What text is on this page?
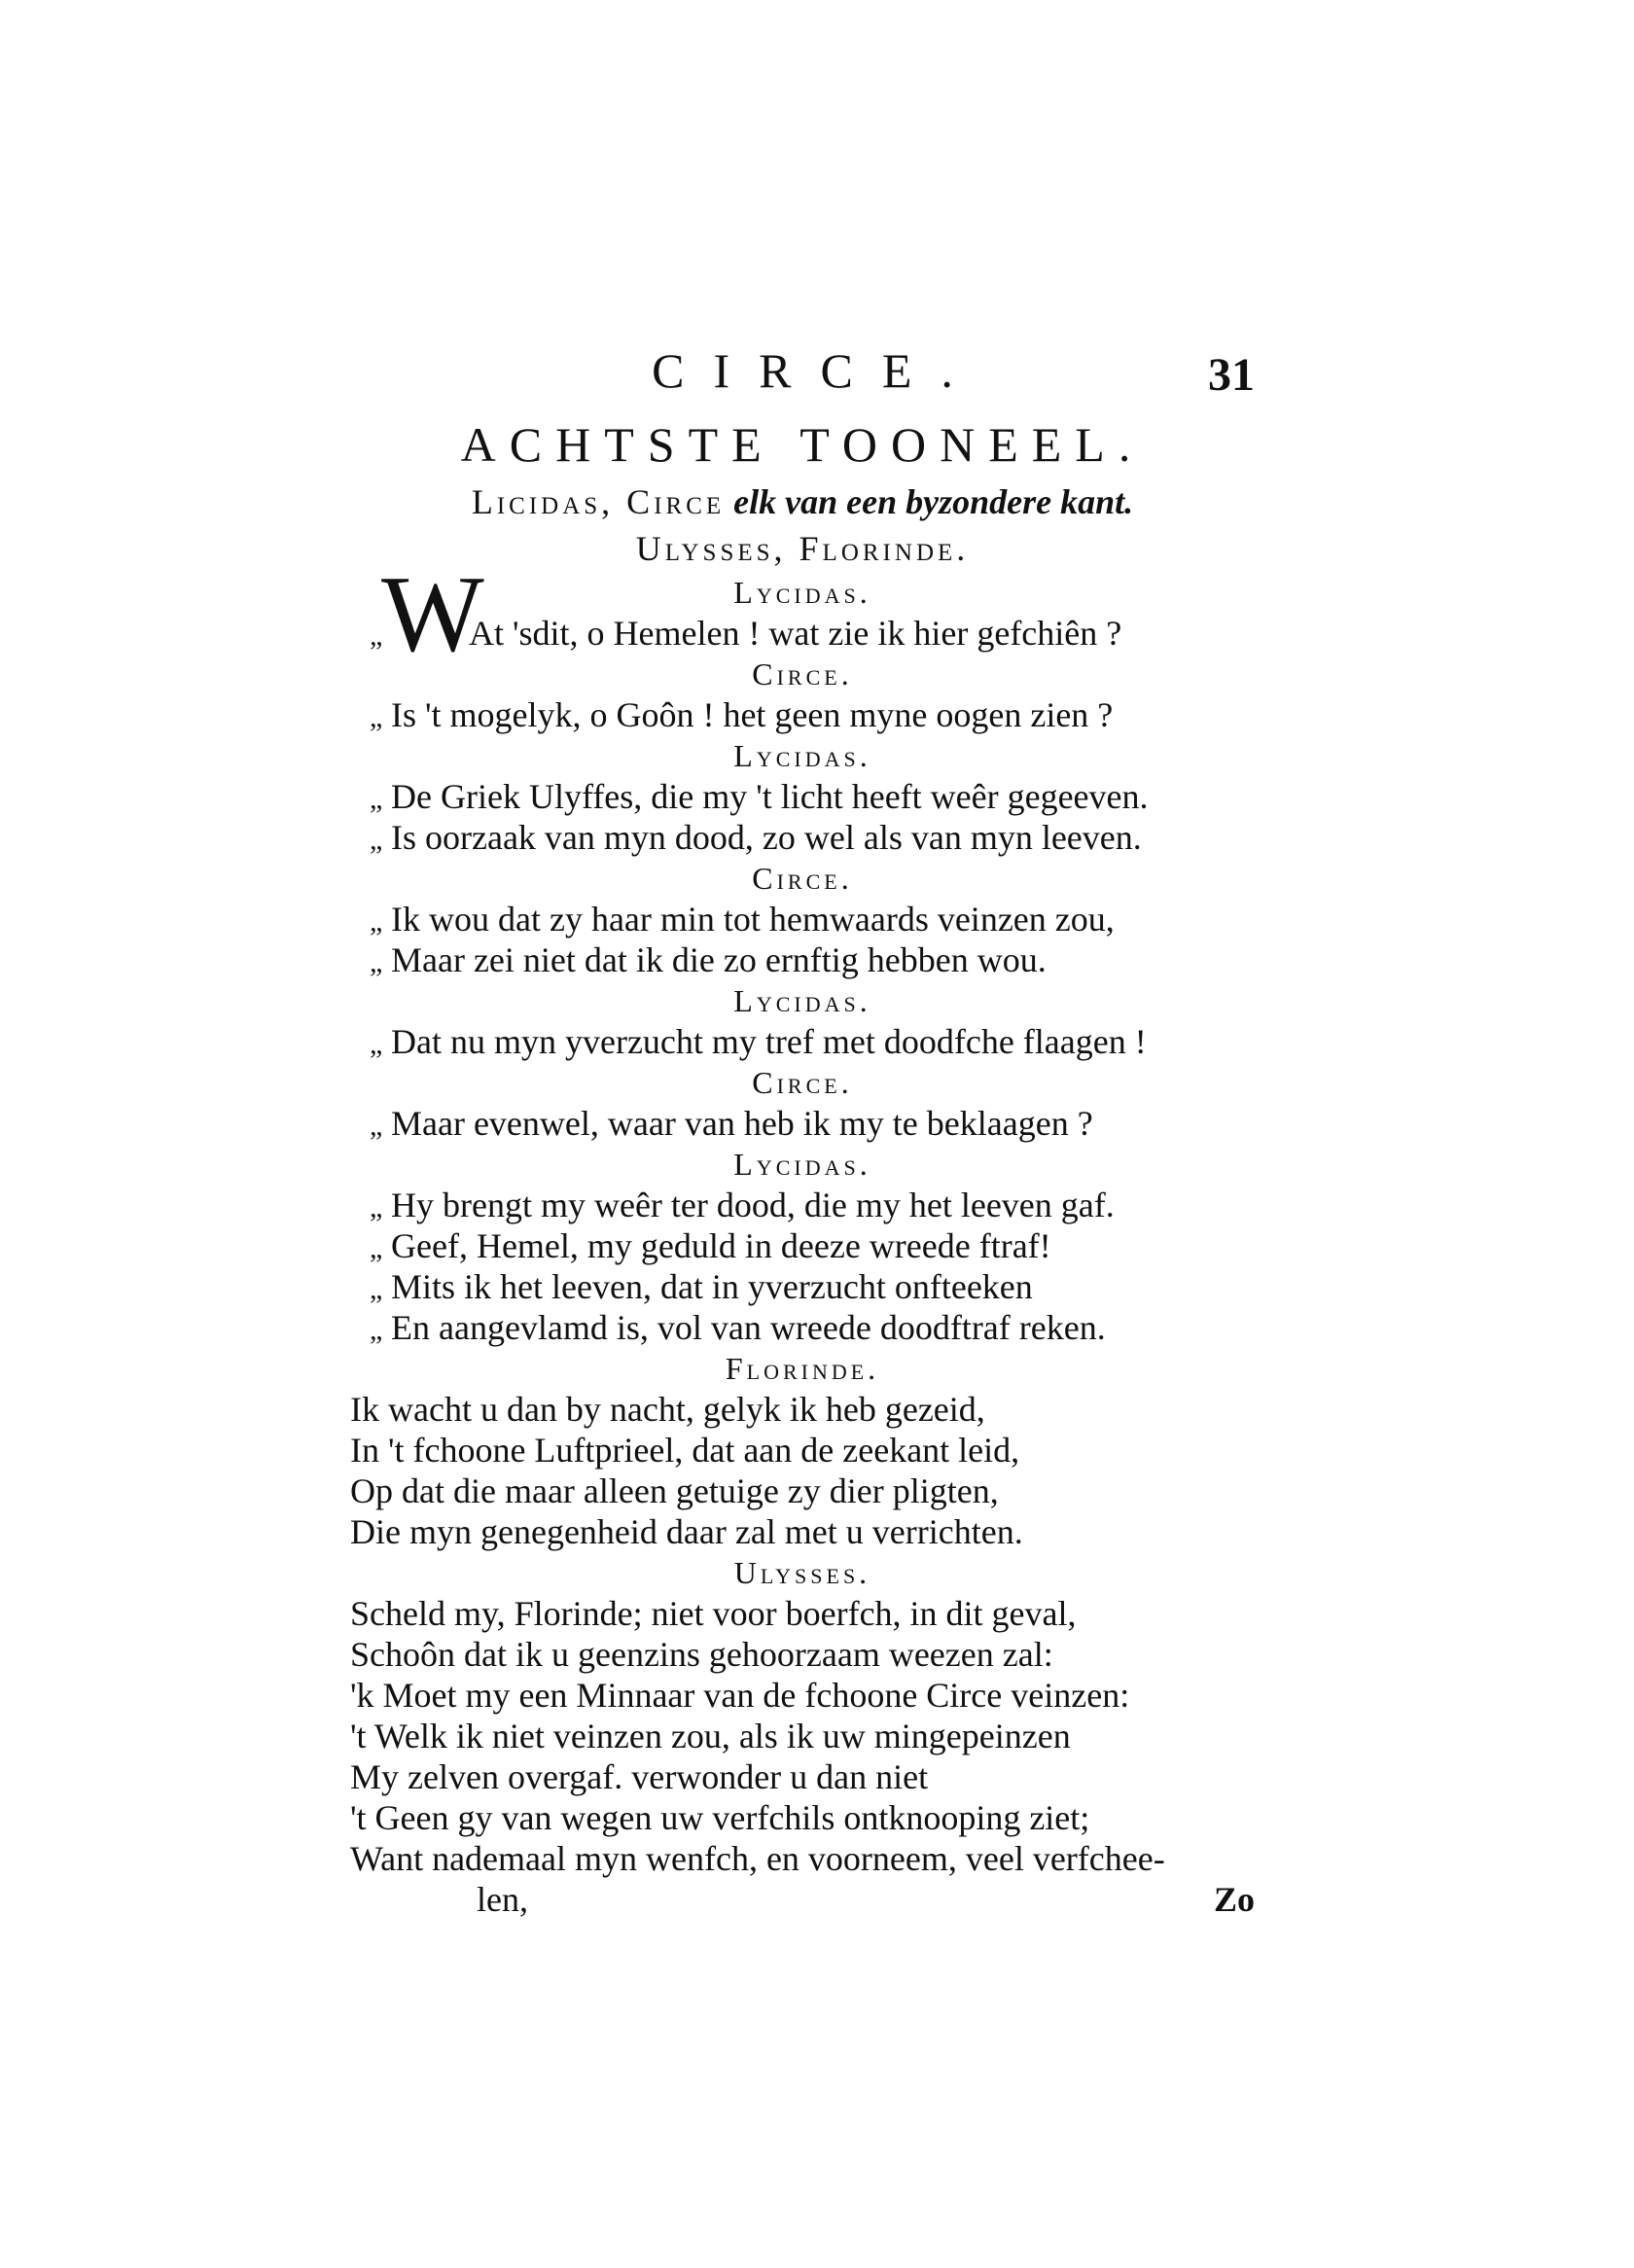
CIRCE.	31
ACHTSTE TOONEEL.
Licidas, Circe elk van een byzondere kant.
Ulysses, Florinde.
W	Lycidas.
„ At 'sdit, o Hemelen ! wat zie ik hier gefchiên ?
Circe.
„ Is 't mogelyk, o Goôn ! het geen myne oogen zien ?
Lycidas.
„ De Griek Ulyffes, die my 't licht heeft weêr gegeeven.
„ Is oorzaak van myn dood, zo wel als van myn leeven.
Circe.
„ Ik wou dat zy haar min tot hemwaards veinzen zou,
„ Maar zei niet dat ik die zo ernftig hebben wou.
Lycidas.
„ Dat nu myn yverzucht my tref met doodfche flaagen !
Circe.
„ Maar evenwel, waar van heb ik my te beklaagen ?
Lycidas.
„ Hy brengt my weêr ter dood, die my het leeven gaf.
„ Geef, Hemel, my geduld in deeze wreede ftraf!
„ Mits ik het leeven, dat in yverzucht onfteeken
„ En aangevlamd is, vol van wreede doodftraf reken.
Florinde.
Ik wacht u dan by nacht, gelyk ik heb gezeid,
In 't fchoone Luftprieel, dat aan de zeekant leid,
Op dat die maar alleen getuige zy dier pligten,
Die myn genegenheid daar zal met u verrichten.
Ulysses.
Scheld my, Florinde; niet voor boerfch, in dit geval,
Schoôn dat ik u geenzins gehoorzaam weezen zal:
'k Moet my een Minnaar van de fchoone Circe veinzen:
't Welk ik niet veinzen zou, als ik uw mingepeinzen
My zelven overgaf. verwonder u dan niet
't Geen gy van wegen uw verfchils ontknooping ziet;
Want nademaal myn wenfch, en voorneem, veel verfchee-
len,	Zo
